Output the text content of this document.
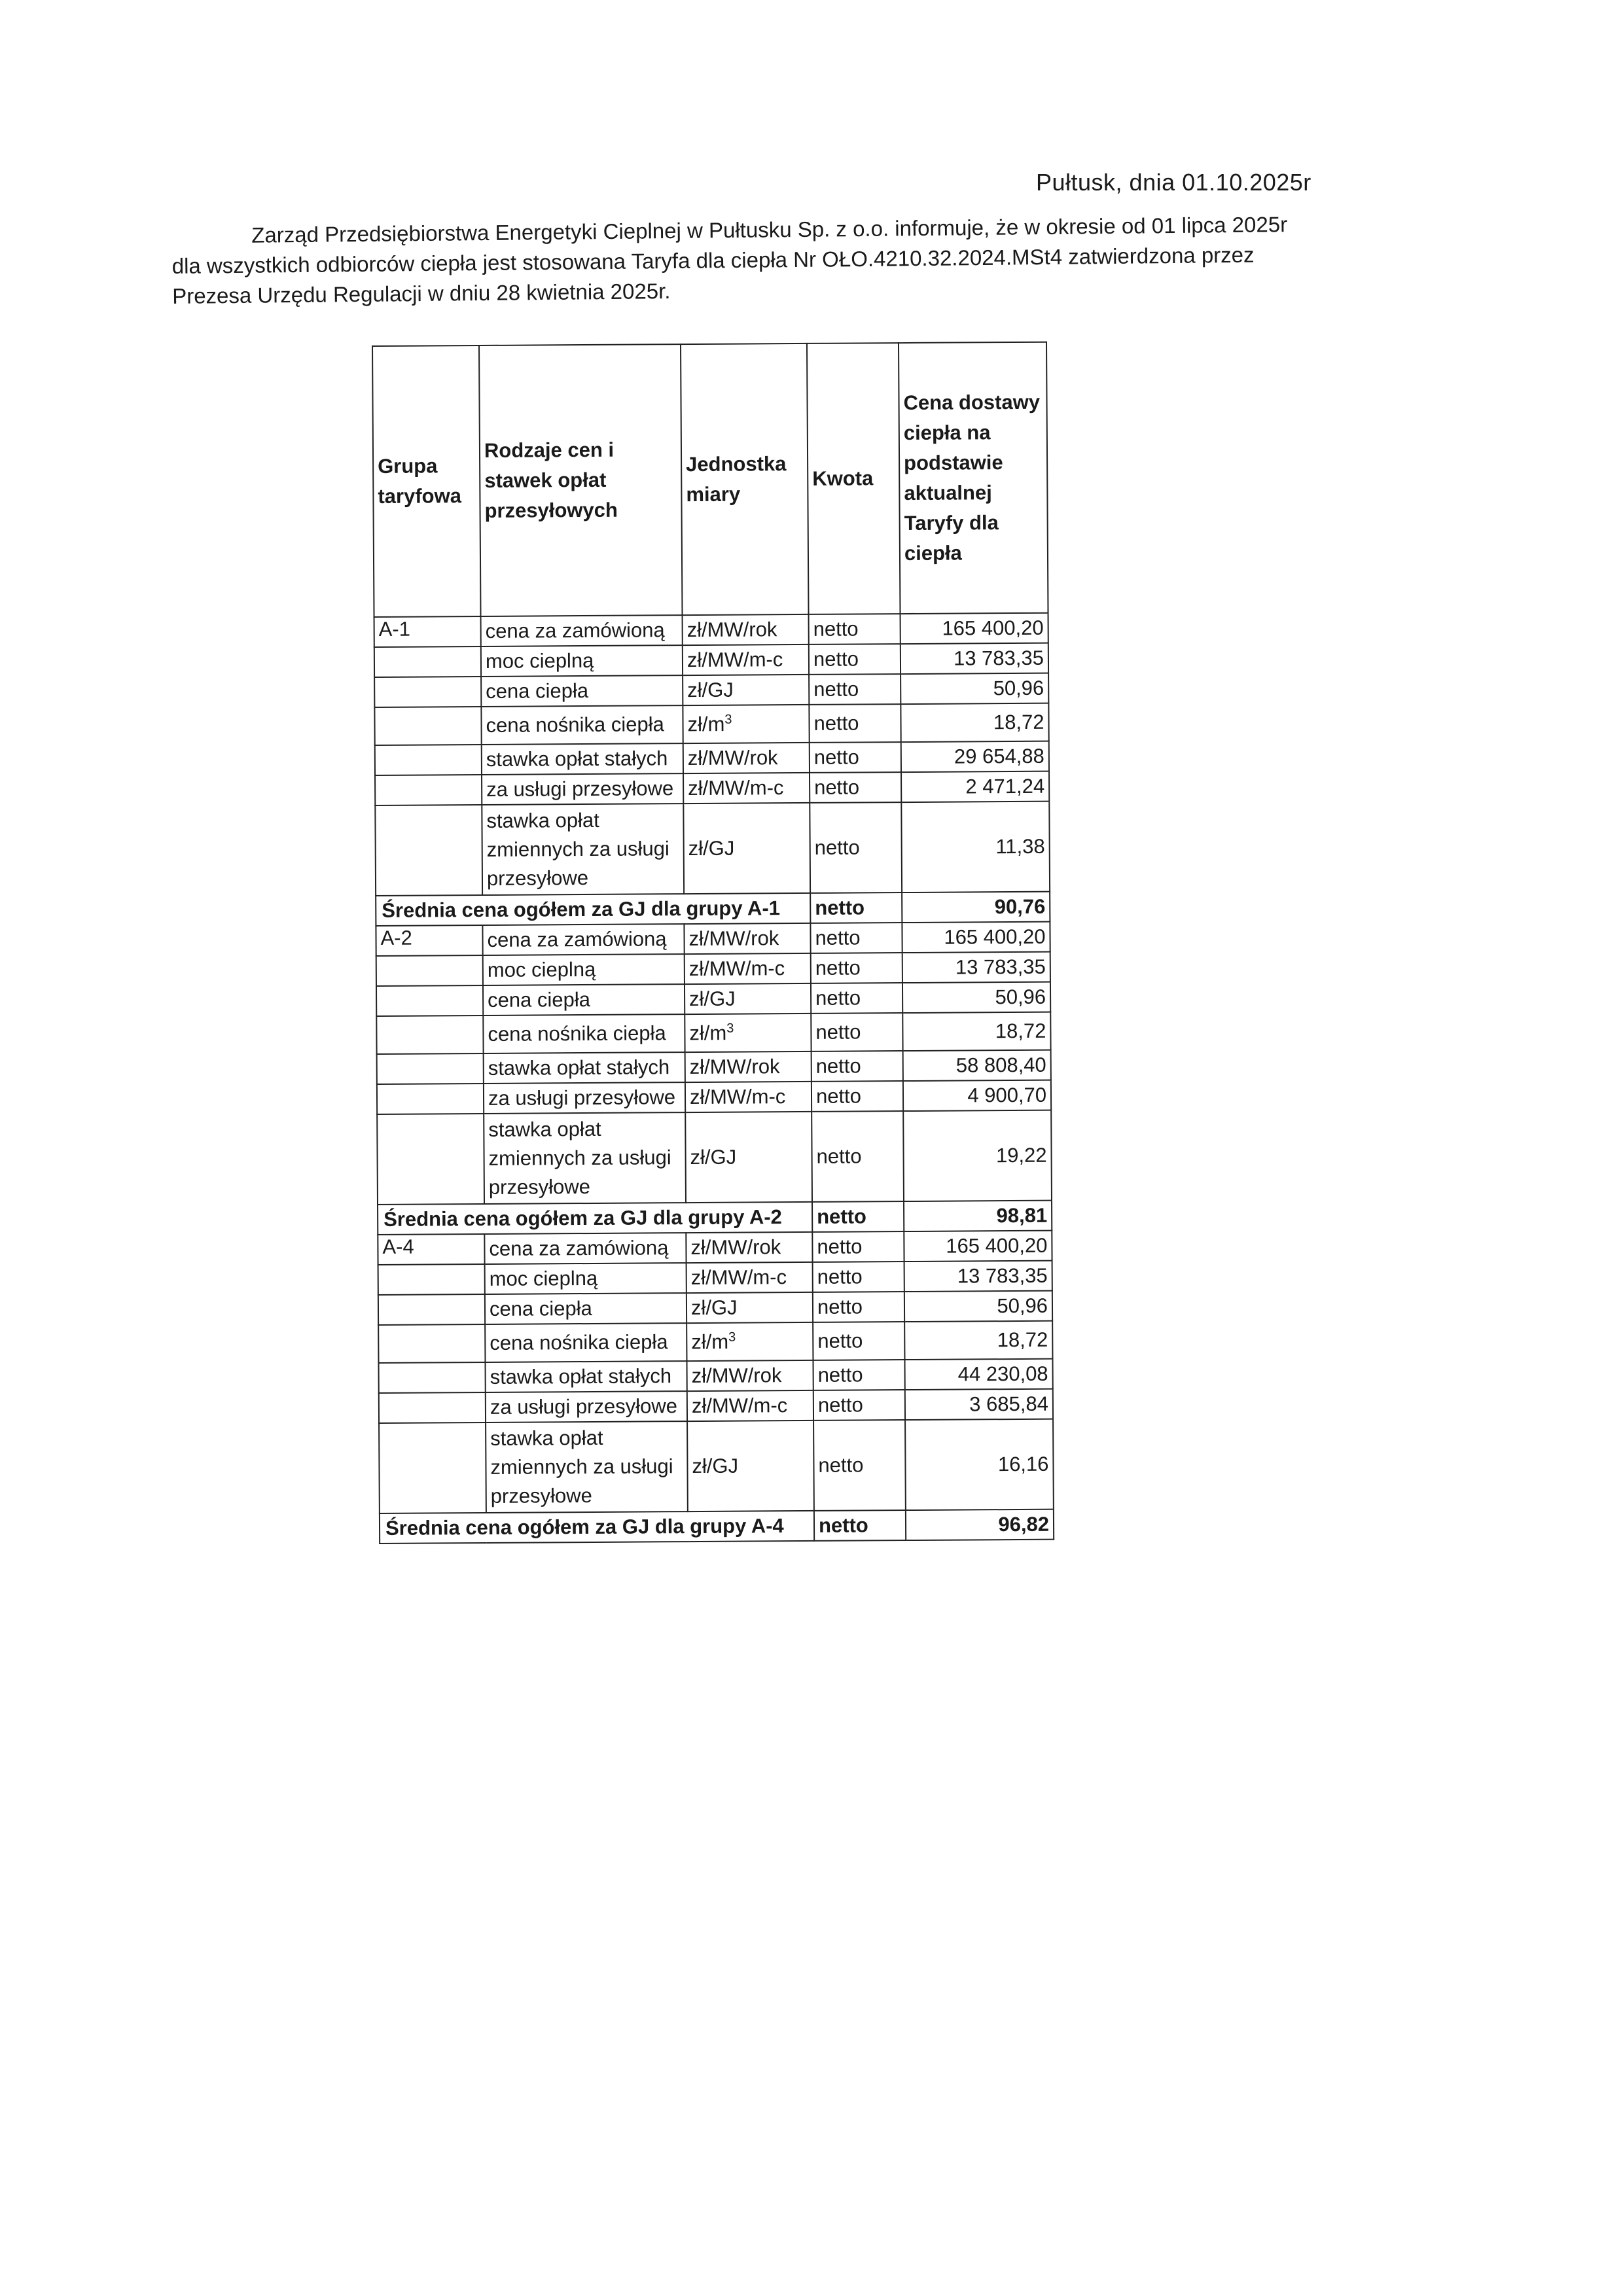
Pułtusk, dnia 01.10.2025r

Zarząd Przedsiębiorstwa Energetyki Cieplnej w Pułtusku Sp. z o.o. informuje, że w okresie od 01 lipca 2025r

dla wszystkich odbiorców ciepła jest stosowana Taryfa dla ciepła Nr OŁO.4210.32.2024.MSt4 zatwierdzona przez

Prezesa Urzędu Regulacji w dniu 28 kwietnia 2025r.

Grupa taryfowa	Rodzaje cen i stawek opłat przesyłowych	Jednostka miary	Kwota	Cena dostawy ciepła na podstawie aktualnej Taryfy dla ciepła
A-1	cena za zamówioną	zł/MW/rok	netto	165 400,20
	moc cieplną	zł/MW/m-c	netto	13 783,35
	cena ciepła	zł/GJ	netto	50,96
	cena nośnika ciepła	$zł/m^3$	netto	18,72
	stawka opłat stałych	zł/MW/rok	netto	29 654,88
	za usługi przesyłowe	zł/MW/m-c	netto	2 471,24
	stawka opłat zmiennych za usługi przesyłowe	zł/GJ	netto	11,38
Średnia cena ogółem za GJ dla grupy A-1			netto	90,76
A-2	cena za zamówioną	zł/MW/rok	netto	165 400,20
	moc cieplną	zł/MW/m-c	netto	13 783,35
	cena ciepła	zł/GJ	netto	50,96
	cena nośnika ciepła	$zł/m^3$	netto	18,72
	stawka opłat stałych	zł/MW/rok	netto	58 808,40
	za usługi przesyłowe	zł/MW/m-c	netto	4 900,70
	stawka opłat zmiennych za usługi przesyłowe	zł/GJ	netto	19,22
Średnia cena ogółem za GJ dla grupy A-2			netto	98,81
A-4	cena za zamówioną	zł/MW/rok	netto	165 400,20
	moc cieplną	zł/MW/m-c	netto	13 783,35
	cena ciepła	zł/GJ	netto	50,96
	cena nośnika ciepła	$zł/m^3$	netto	18,72
	stawka opłat stałych	zł/MW/rok	netto	44 230,08
	za usługi przesyłowe	zł/MW/m-c	netto	3 685,84
	stawka opłat zmiennych za usługi przesyłowe	zł/GJ	netto	16,16
Średnia cena ogółem za GJ dla grupy A-4			netto	96,82
